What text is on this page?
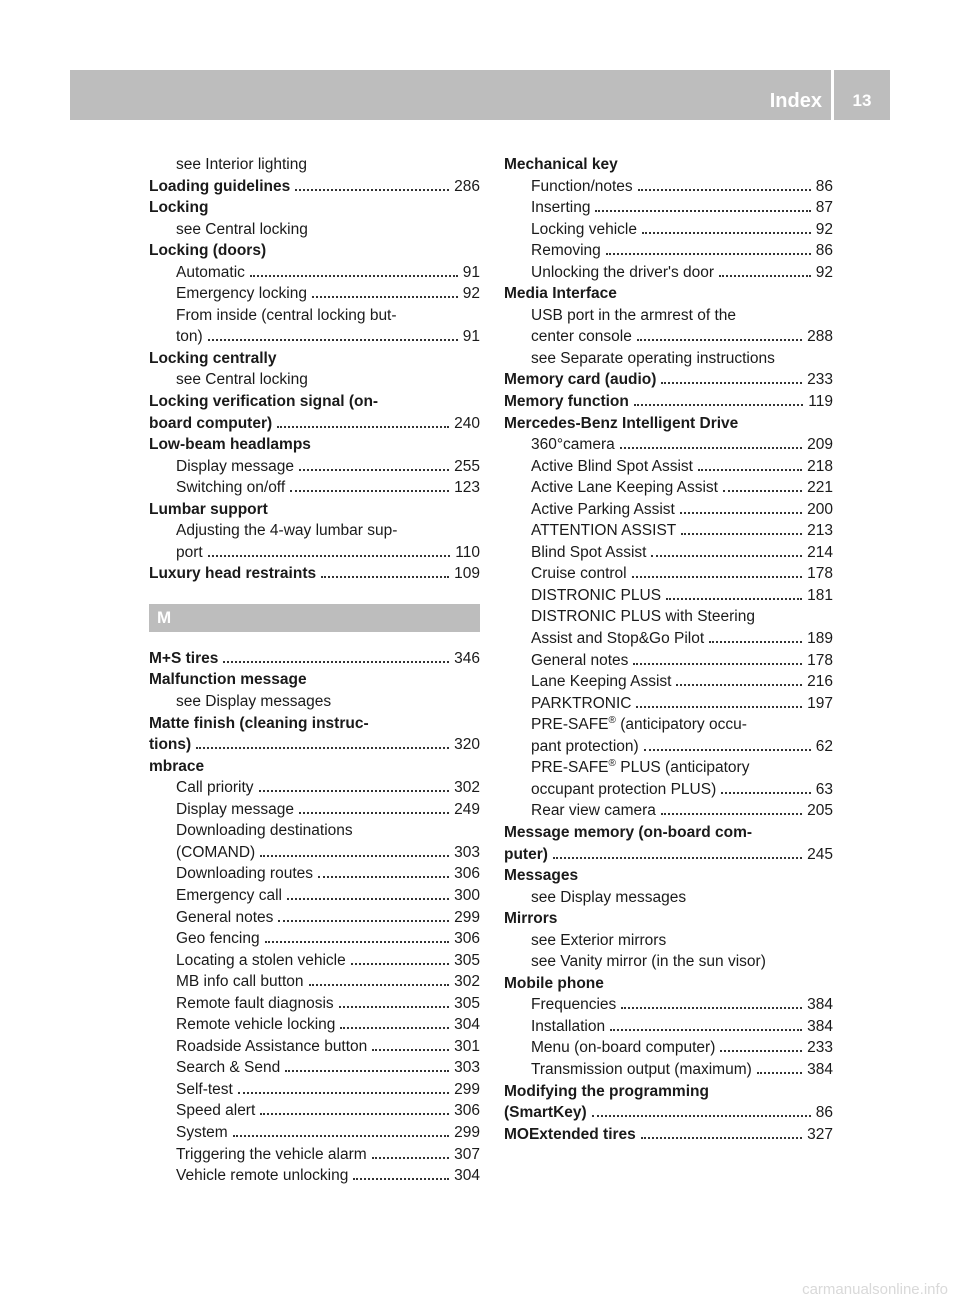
Index	13
see Interior lighting
Loading guidelines	286
Locking
see Central locking
Locking (doors)
Automatic	91
Emergency locking	92
From inside (central locking but-
ton)	91
Locking centrally
see Central locking
Locking verification signal (on-
board computer)	240
Low-beam headlamps
Display message	255
Switching on/off	123
Lumbar support
Adjusting the 4-way lumbar sup-
port	110
Luxury head restraints	109
M
M+S tires	346
Malfunction message
see Display messages
Matte finish (cleaning instruc-
tions)	320
mbrace
Call priority	302
Display message	249
Downloading destinations
(COMAND)	303
Downloading routes	306
Emergency call	300
General notes	299
Geo fencing	306
Locating a stolen vehicle	305
MB info call button	302
Remote fault diagnosis	305
Remote vehicle locking	304
Roadside Assistance button	301
Search & Send	303
Self-test	299
Speed alert	306
System	299
Triggering the vehicle alarm	307
Vehicle remote unlocking	304
Mechanical key
Function/notes	86
Inserting	87
Locking vehicle	92
Removing	86
Unlocking the driver's door	92
Media Interface
USB port in the armrest of the
center console	288
see Separate operating instructions
Memory card (audio)	233
Memory function	119
Mercedes-Benz Intelligent Drive
360°camera	209
Active Blind Spot Assist	218
Active Lane Keeping Assist	221
Active Parking Assist	200
ATTENTION ASSIST	213
Blind Spot Assist	214
Cruise control	178
DISTRONIC PLUS	181
DISTRONIC PLUS with Steering
Assist and Stop&Go Pilot	189
General notes	178
Lane Keeping Assist	216
PARKTRONIC	197
PRE-SAFE® (anticipatory occu-
pant protection)	62
PRE-SAFE® PLUS (anticipatory
occupant protection PLUS)	63
Rear view camera	205
Message memory (on-board com-
puter)	245
Messages
see Display messages
Mirrors
see Exterior mirrors
see Vanity mirror (in the sun visor)
Mobile phone
Frequencies	384
Installation	384
Menu (on-board computer)	233
Transmission output (maximum)	384
Modifying the programming
(SmartKey)	86
MOExtended tires	327
carmanualsonline.info
